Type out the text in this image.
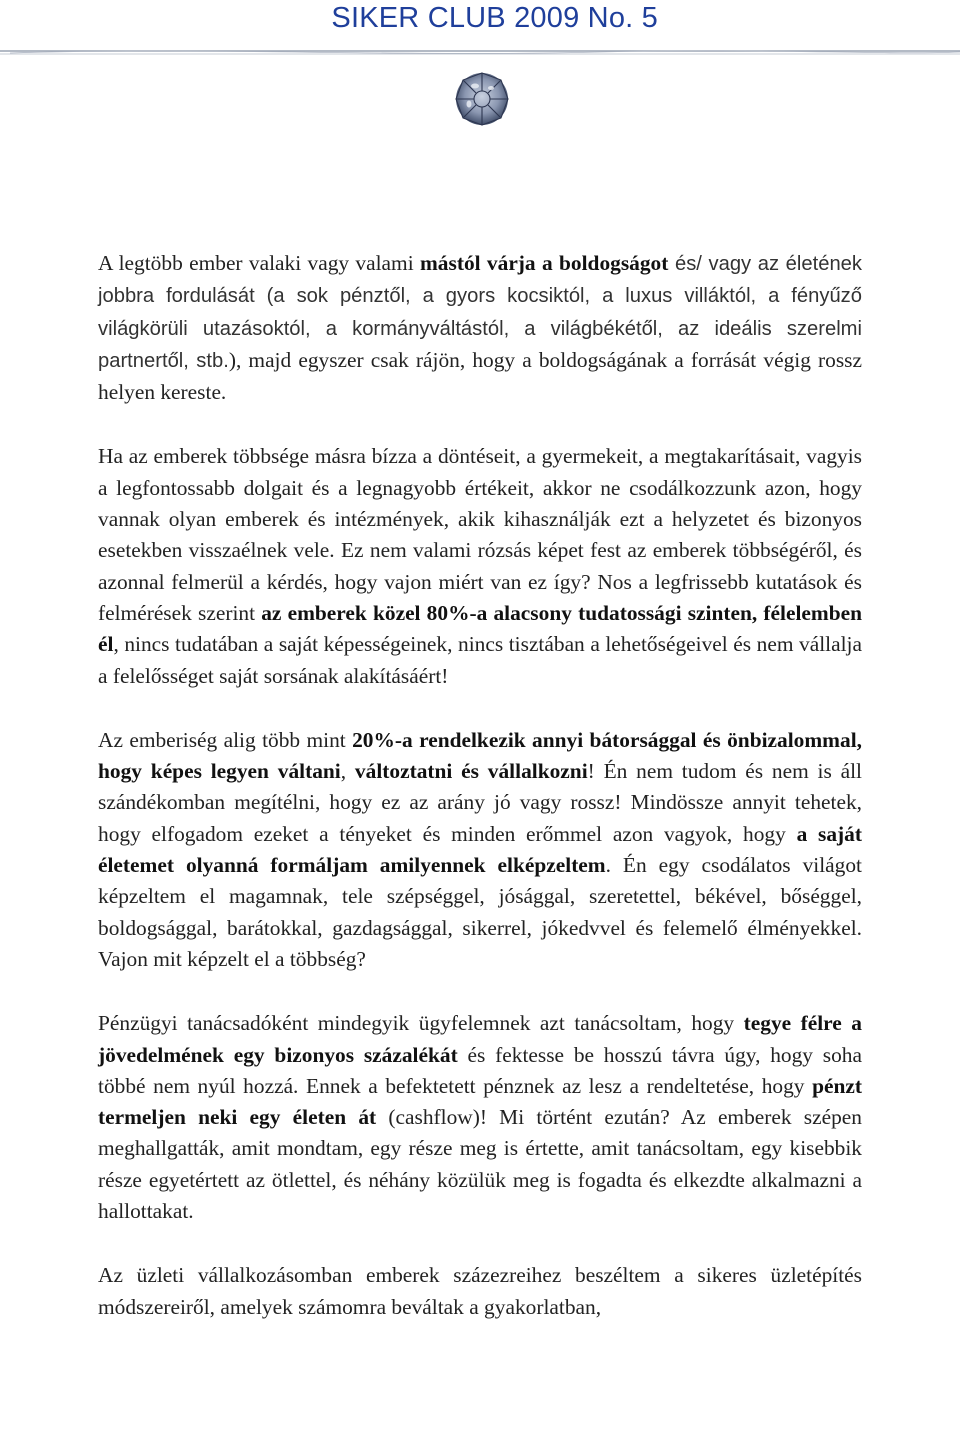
SIKER CLUB 2009 No. 5

A legtöbb ember valaki vagy valami mástól várja a boldogságot és/ vagy az életének jobbra fordulását (a sok pénztől, a gyors kocsiktól, a luxus villáktól, a fényűző világkörüli utazásoktól, a kormányváltástól, a világbékétől, az ideális szerelmi partnertől, stb.), majd egyszer csak rájön, hogy a boldogságának a forrását végig rossz helyen kereste.

Ha az emberek többsége másra bízza a döntéseit, a gyermekeit, a megtakarításait, vagyis a legfontossabb dolgait és a legnagyobb értékeit, akkor ne csodálkozzunk azon, hogy vannak olyan emberek és intézmények, akik kihasználják ezt a helyzetet és bizonyos esetekben visszaélnek vele. Ez nem valami rózsás képet fest az emberek többségéről, és azonnal felmerül a kérdés, hogy vajon miért van ez így? Nos a legfrissebb kutatások és felmérések szerint az emberek közel 80%-a alacsony tudatossági szinten, félelemben él, nincs tudatában a saját képességeinek, nincs tisztában a lehetőségeivel és nem vállalja a felelősséget saját sorsának alakításáért!

Az emberiség alig több mint 20%-a rendelkezik annyi bátorsággal és önbizalommal, hogy képes legyen váltani, változtatni és vállalkozni! Én nem tudom és nem is áll szándékomban megítélni, hogy ez az arány jó vagy rossz! Mindössze annyit tehetek, hogy elfogadom ezeket a tényeket és minden erőmmel azon vagyok, hogy a saját életemet olyanná formáljam amilyennek elképzeltem. Én egy csodálatos világot képzeltem el magamnak, tele szépséggel, jósággal, szeretettel, békével, bőséggel, boldogsággal, barátokkal, gazdagsággal, sikerrel, jókedvvel és felemelő élményekkel. Vajon mit képzelt el a többség?

Pénzügyi tanácsadóként mindegyik ügyfelemnek azt tanácsoltam, hogy tegye félre a jövedelmének egy bizonyos százalékát és fektesse be hosszú távra úgy, hogy soha többé nem nyúl hozzá. Ennek a befektetett pénznek az lesz a rendeltetése, hogy pénzt termeljen neki egy életen át (cashflow)! Mi történt ezután? Az emberek szépen meghallgatták, amit mondtam, egy része meg is értette, amit tanácsoltam, egy kisebbik része egyetértett az ötlettel, és néhány közülük meg is fogadta és elkezdte alkalmazni a hallottakat.

Az üzleti vállalkozásomban emberek százezreihez beszéltem a sikeres üzletépítés módszereiről, amelyek számomra beváltak a gyakorlatban,
